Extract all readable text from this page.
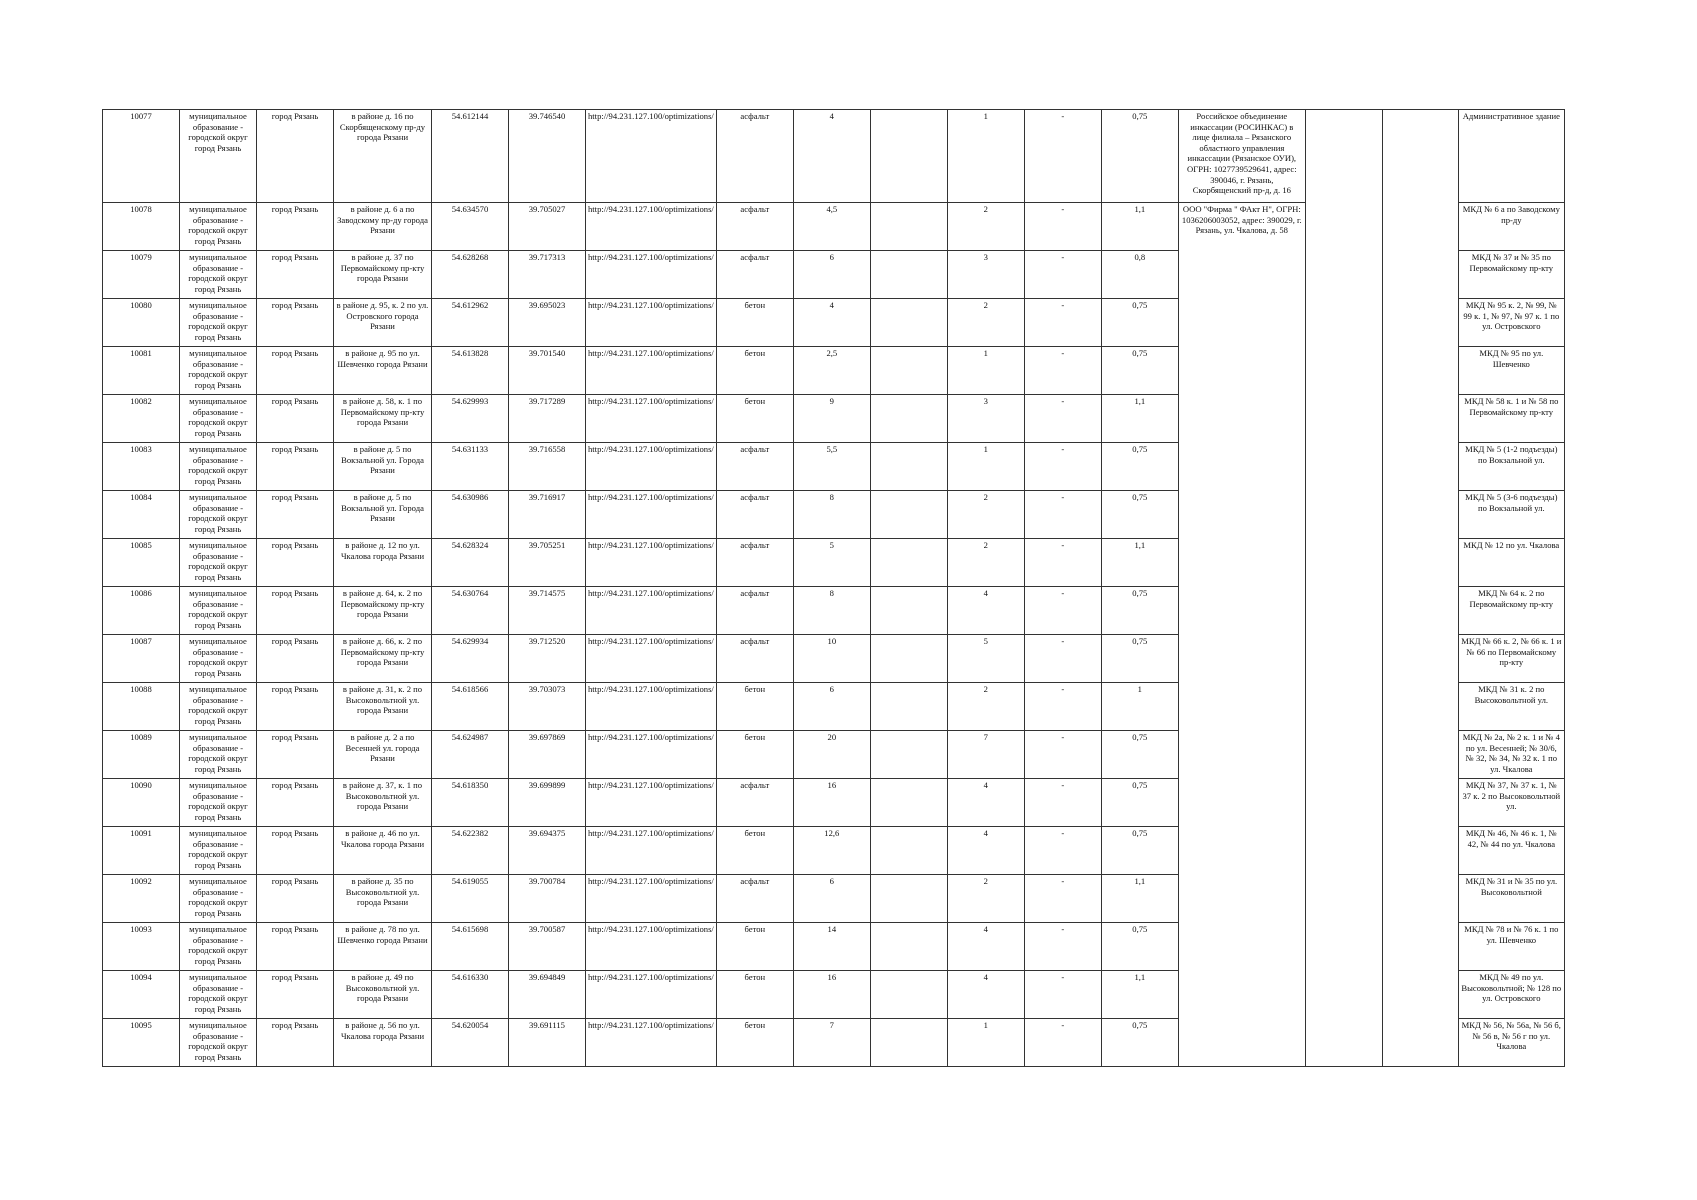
10077	муниципальное образование - городской округ город Рязань	город Рязань	в районе д. 16 по Скорбященскому пр-ду города Рязани	54.612144	39.746540	http://94.231.127.100/optimizations/	асфальт	4		1	-	0,75	Российское объединение инкассации (РОСИНКАС) в лице филиала – Рязанского областного управления инкассации (Рязанское ОУИ), ОГРН: 1027739529641, адрес: 390046, г. Рязань, Скорбященский пр-д, д. 16			Административное здание
10078	муниципальное образование - городской округ город Рязань	город Рязань	в районе д. 6 а по Заводскому пр-ду города Рязани	54.634570	39.705027	http://94.231.127.100/optimizations/	асфальт	4,5		2	-	1,1	ООО "Фирма " ФАкт Н", ОГРН: 1036206003052, адрес: 390029, г. Рязань, ул. Чкалова, д. 58			МКД № 6 а по Заводскому пр-ду
10079	муниципальное образование - городской округ город Рязань	город Рязань	в районе д. 37 по Первомайскому пр-кту города Рязани	54.628268	39.717313	http://94.231.127.100/optimizations/	асфальт	6		3	-	0,8				МКД № 37 и № 35 по Первомайскому пр-кту
10080	муниципальное образование - городской округ город Рязань	город Рязань	в районе д. 95, к. 2 по ул. Островского города Рязани	54.612962	39.695023	http://94.231.127.100/optimizations/	бетон	4		2	-	0,75				МКД № 95 к. 2, № 99, № 99 к. 1, № 97, № 97 к. 1 по ул. Островского
10081	муниципальное образование - городской округ город Рязань	город Рязань	в районе д. 95 по ул. Шевченко города Рязани	54.613828	39.701540	http://94.231.127.100/optimizations/	бетон	2,5		1	-	0,75				МКД № 95 по ул. Шевченко
10082	муниципальное образование - городской округ город Рязань	город Рязань	в районе д. 58, к. 1 по Первомайскому пр-кту города Рязани	54.629993	39.717289	http://94.231.127.100/optimizations/	бетон	9		3	-	1,1				МКД № 58 к. 1 и № 58 по Первомайскому пр-кту
10083	муниципальное образование - городской округ город Рязань	город Рязань	в районе д. 5 по Вокзальной ул. Города Рязани	54.631133	39.716558	http://94.231.127.100/optimizations/	асфальт	5,5		1	-	0,75				МКД № 5 (1-2 подъезды) по Вокзальной ул.
10084	муниципальное образование - городской округ город Рязань	город Рязань	в районе д. 5 по Вокзальной ул. Города Рязани	54.630986	39.716917	http://94.231.127.100/optimizations/	асфальт	8		2	-	0,75				МКД № 5 (3-6 подъезды) по Вокзальной ул.
10085	муниципальное образование - городской округ город Рязань	город Рязань	в районе д. 12 по ул. Чкалова города Рязани	54.628324	39.705251	http://94.231.127.100/optimizations/	асфальт	5		2	-	1,1				МКД № 12 по ул. Чкалова
10086	муниципальное образование - городской округ город Рязань	город Рязань	в районе д. 64, к. 2 по Первомайскому пр-кту города Рязани	54.630764	39.714575	http://94.231.127.100/optimizations/	асфальт	8		4	-	0,75				МКД № 64 к. 2 по Первомайскому пр-кту
10087	муниципальное образование - городской округ город Рязань	город Рязань	в районе д. 66, к. 2 по Первомайскому пр-кту города Рязани	54.629934	39.712520	http://94.231.127.100/optimizations/	асфальт	10		5	-	0,75				МКД № 66 к. 2, № 66 к. 1 и № 66 по Первомайскому пр-кту
10088	муниципальное образование - городской округ город Рязань	город Рязань	в районе д. 31, к. 2 по Высоковольтной ул. города Рязани	54.618566	39.703073	http://94.231.127.100/optimizations/	бетон	6		2	-	1				МКД № 31 к. 2 по Высоковольтной ул.
10089	муниципальное образование - городской округ город Рязань	город Рязань	в районе д. 2 а по Весенней ул. города Рязани	54.624987	39.697869	http://94.231.127.100/optimizations/	бетон	20		7	-	0,75				МКД № 2а, № 2 к. 1 и № 4 по ул. Весенней; № 30/6, № 32, № 34, № 32 к. 1 по ул. Чкалова
10090	муниципальное образование - городской округ город Рязань	город Рязань	в районе д. 37, к. 1 по Высоковольтной ул. города Рязани	54.618350	39.699899	http://94.231.127.100/optimizations/	асфальт	16		4	-	0,75				МКД № 37, № 37 к. 1, № 37 к. 2 по Высоковольтной ул.
10091	муниципальное образование - городской округ город Рязань	город Рязань	в районе д. 46 по ул. Чкалова города Рязани	54.622382	39.694375	http://94.231.127.100/optimizations/	бетон	12,6		4	-	0,75				МКД № 46, № 46 к. 1, № 42, № 44 по ул. Чкалова
10092	муниципальное образование - городской округ город Рязань	город Рязань	в районе д. 35 по Высоковольтной ул. города Рязани	54.619055	39.700784	http://94.231.127.100/optimizations/	асфальт	6		2	-	1,1				МКД № 31 и № 35 по ул. Высоковольтной
10093	муниципальное образование - городской округ город Рязань	город Рязань	в районе д. 78 по ул. Шевченко города Рязани	54.615698	39.700587	http://94.231.127.100/optimizations/	бетон	14		4	-	0,75				МКД № 78 и № 76 к. 1 по ул. Шевченко
10094	муниципальное образование - городской округ город Рязань	город Рязань	в районе д. 49 по Высоковольтной ул. города Рязани	54.616330	39.694849	http://94.231.127.100/optimizations/	бетон	16		4	-	1,1				МКД № 49 по ул. Высоковольтной; № 128 по ул. Островского
10095	муниципальное образование - городской округ город Рязань	город Рязань	в районе д. 56 по ул. Чкалова города Рязани	54.620054	39.691115	http://94.231.127.100/optimizations/	бетон	7		1	-	0,75				МКД № 56, № 56а, № 56 б, № 56 в, № 56 г по ул. Чкалова
